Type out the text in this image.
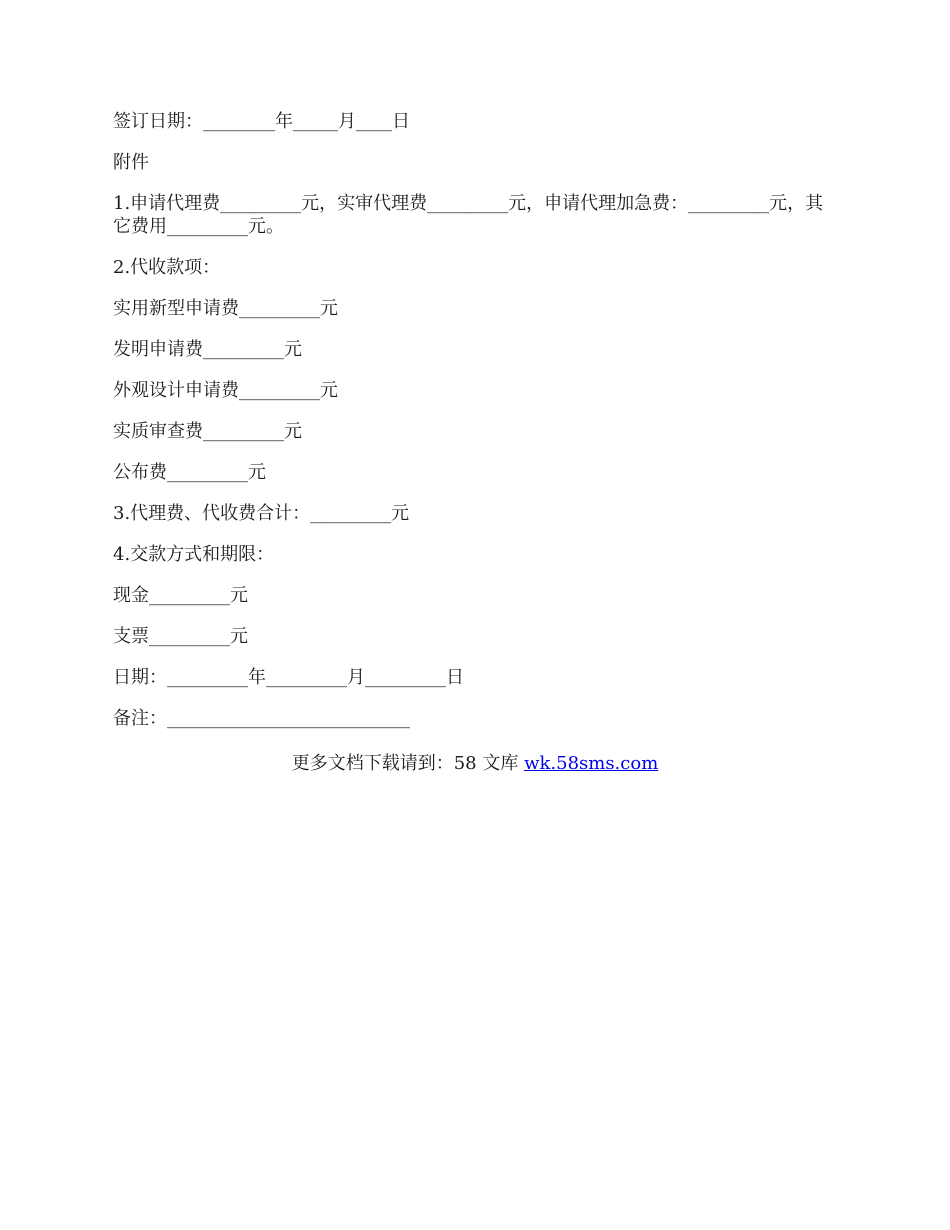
签订日期：________年_____月____日

附件

1.申请代理费_________元，实审代理费_________元，申请代理加急费：_________元，其它费用_________元。

2.代收款项：

实用新型申请费_________元

发明申请费_________元

外观设计申请费_________元

实质审查费_________元

公布费_________元

3.代理费、代收费合计：_________元

4.交款方式和期限：

现金_________元

支票_________元

日期：_________年_________月_________日

备注：___________________________

更多文档下载请到：58 文库 wk.58sms.com
